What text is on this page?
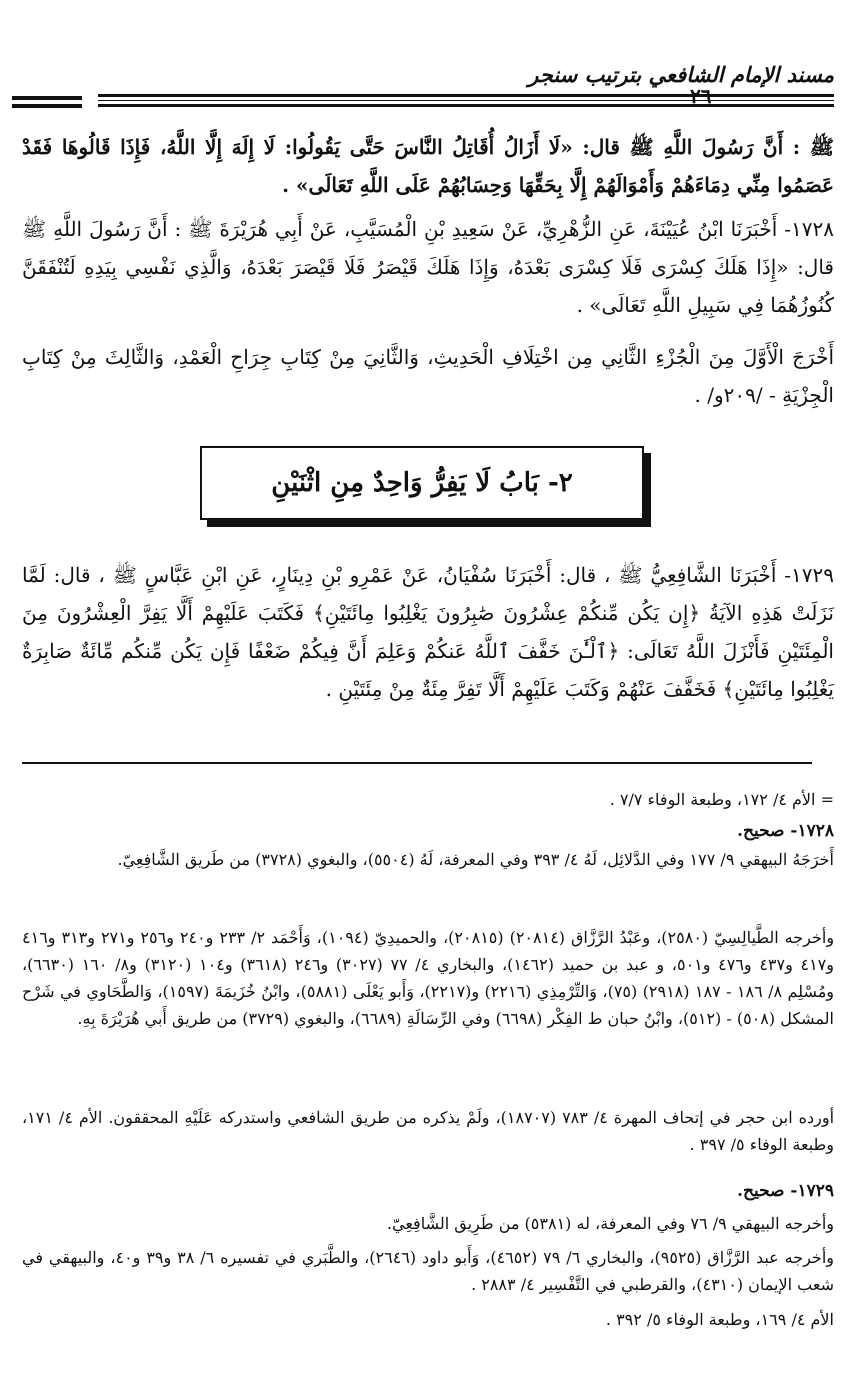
مسند الإمام الشافعي بترتيب سنجر
٢٦

ﷺ : أَنَّ رَسُولَ اللَّهِ ﷺ قال: «لَا أَزَالُ أُقَاتِلُ النَّاسَ حَتَّى يَقُولُوا: لَا إِلَهَ إِلَّا اللَّهُ، فَإِذَا قَالُوهَا فَقَدْ عَصَمُوا مِنِّي دِمَاءَهُمْ وَأَمْوَالَهُمْ إِلَّا بِحَقِّهَا وَحِسَابُهُمْ عَلَى اللَّهِ تَعَالَى» .

١٧٢٨- أَخْبَرَنَا ابْنُ عُيَيْنَةَ، عَنِ الزُّهْرِيِّ، عَنْ سَعِيدِ بْنِ الْمُسَيَّبِ، عَنْ أَبِي هُرَيْرَةَ ﷺ : أَنَّ رَسُولَ اللَّهِ ﷺ قال: «إِذَا هَلَكَ كِسْرَى فَلَا كِسْرَى بَعْدَهُ، وَإِذَا هَلَكَ قَيْصَرُ فَلَا قَيْصَرَ بَعْدَهُ، وَالَّذِي نَفْسِي بِيَدِهِ لَتُنْفَقَنَّ كُنُوزُهُمَا فِي سَبِيلِ اللَّهِ تَعَالَى» .

أَخْرَجَ الْأَوَّلَ مِنَ الْجُزْءِ الثَّانِي مِن اخْتِلَافِ الْحَدِيثِ، وَالثَّانِيَ مِنْ كِتَابِ جِرَاحِ الْعَمْدِ، وَالثَّالِثَ مِنْ كِتَابِ الْجِزْيَةِ - /٢٠٩و/ .

٢- بَابُ لَا يَفِرُّ وَاحِدٌ مِنِ اثْنَيْنِ

١٧٢٩- أَخْبَرَنَا الشَّافِعِيُّ ﷺ ، قال: أَخْبَرَنَا سُفْيَانُ، عَنْ عَمْرِو بْنِ دِينَارٍ، عَنِ ابْنِ عَبَّاسٍ ﷺ ، قال: لَمَّا نَزَلَتْ هَذِهِ الآيَةُ ﴿إِن يَكُن مِّنكُمْ عِشْرُونَ صَٰبِرُونَ يَغْلِبُوا مِائَتَيْنِ﴾ فَكَتَبَ عَلَيْهِمْ أَلَّا يَفِرَّ الْعِشْرُونَ مِنَ الْمِئَتَيْنِ فَأَنْزَلَ اللَّهُ تَعَالَى: ﴿ٱلْـَٰٔنَ خَفَّفَ ٱللَّهُ عَنكُمْ وَعَلِمَ أَنَّ فِيكُمْ ضَعْفًا فَإِن يَكُن مِّنكُم مِّائَةٌ صَابِرَةٌ يَغْلِبُوا مِائَتَيْنِ﴾ فَخَفَّفَ عَنْهُمْ وَكَتَبَ عَلَيْهِمْ أَلَّا تَفِرَّ مِئَةٌ مِنْ مِئَتَيْنِ .

= الأم ٤/ ١٧٢، وطبعة الوفاء ٧/٧ .

١٧٢٨- صحيح.

أَخرَجَهُ البيهقي ٩/ ١٧٧ وفي الدَّلائِل، لَهُ ٤/ ٣٩٣ وفي المعرفة، لَهُ (٥٥٠٤)، والبغوي (٣٧٢٨) من طَريق الشَّافِعِيّ.

وأخرجه الطَّيالِسِيّ (٢٥٨٠)، وعَبْدُ الرَّزَّاق (٢٠٨١٤) (٢٠٨١٥)، والحميدِيّ (١٠٩٤)، وَأَحْمَد ٢/ ٢٣٣ و٢٤٠ و٢٥٦ و٢٧١ و٣١٣ و٤١٦ و٤١٧ و٤٣٧ و٤٧٦ و٥٠١، و عبد بن حميد (١٤٦٢)، والبخاري ٤/ ٧٧ (٣٠٢٧) و٢٤٦ (٣٦١٨) و١٠٤ (٣١٢٠) و٨/ ١٦٠ (٦٦٣٠)، ومُسْلِم ٨/ ١٨٦ - ١٨٧ (٢٩١٨) (٧٥)، وَالتِّرْمِذِي (٢٢١٦) و(٢٢١٧)، وَأَبو يَعْلَى (٥٨٨١)، وابْنُ خُزَيمَةَ (١٥٩٧)، وَالطَّحَاوي في شَرْح المشكل (٥٠٨) - (٥١٢)، وابْنُ حبان ط الفِكْر (٦٦٩٨) وفي الرِّسَالَةِ (٦٦٨٩)، والبغوي (٣٧٢٩) من طريق أَبي هُرَيْرَةَ بِهِ.

أورده ابن حجر في إتحاف المهرة ٤/ ٧٨٣ (١٨٧٠٧)، ولَمْ يذكره من طريق الشافعي واستدركه عَلَيْهِ المحققون. الأم ٤/ ١٧١، وطبعة الوفاء ٥/ ٣٩٧ .

١٧٢٩- صحيح.

وأخرجه البيهقي ٩/ ٧٦ وفي المعرفة، له (٥٣٨١) من طَرِيق الشَّافِعِيّ.

وأخرجه عبد الرَّزَّاق (٩٥٢٥)، والبخاري ٦/ ٧٩ (٤٦٥٢)، وَأَبو داود (٢٦٤٦)، والطَّبَري في تفسيره ٦/ ٣٨ و٣٩ و٤٠، والبيهقي في شعب الإيمان (٤٣١٠)، والقرطبي في التَّفْسِير ٤/ ٢٨٨٣ .

الأم ٤/ ١٦٩، وطبعة الوفاء ٥/ ٣٩٢ .
